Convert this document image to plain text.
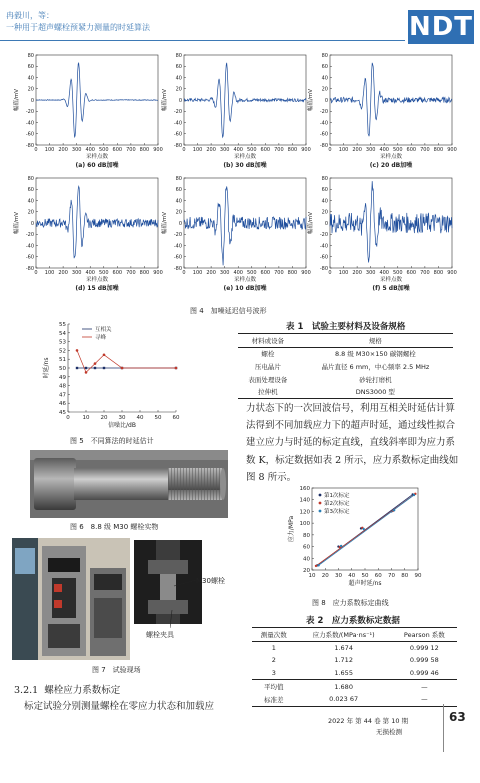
冉毅川，等：
一种用于超声螺栓预紧力测量的时延算法	NDT
80
60
40
20
0
-20
-40
-60
-80
0 100 200 300 400 500 600 700 800 900
采样点数
幅值/mV
(a) 60 dB加噪
80
60
40
20
0
-20
-40
-60
-80
0 100 200 300 400 500 600 700 800 900
采样点数
幅值/mV
(b) 30 dB加噪
80
60
40
20
0
-20
-40
-60
-80
0 100 200 300 400 500 600 700 800 900
采样点数
幅值/mV
(c) 20 dB加噪
80
60
40
20
0
-20
-40
-60
-80
0 100 200 300 400 500 600 700 800 900
采样点数
幅值/mV
(d) 15 dB加噪
80
60
40
20
0
-20
-40
-60
-80
0 100 200 300 400 500 600 700 800 900
采样点数
幅值/mV
(e) 10 dB加噪
80
60
40
20
0
-20
-40
-60
-80
0 100 200 300 400 500 600 700 800 900
采样点数
幅值/mV
(f) 5 dB加噪
图 4　加噪延迟信号波形
55
54
53
52
51
50
49
48
47
46
45
0 10 20 30 40 50 60
信噪比/dB
时延/ns
互相关
寻峰
图 5　不同算法的时延估计
图 6　8.8 级 M30 螺栓实物
M30螺栓
螺栓夹具
图 7　试验现场
3.2.1 螺栓应力系数标定
标定试验分别测量螺栓在零应力状态和加载应
表 1　试验主要材料及设备规格
材料或设备	规格
螺栓	8.8 级 M30×150 碳钢螺栓
压电晶片	晶片直径 6 mm，中心频率 2.5 MHz
表面处理设备	砂轮打磨机
拉伸机	DNS3000 型
力状态下的一次回波信号，利用互相关时延估计算
法得到不同加载应力下的超声时延，通过线性拟合
建立应力与时延的标定直线，直线斜率即为应力系
数 K，标定数据如表 2 所示，应力系数标定曲线如
图 8 所示。
20
40
60
80
100
120
140
160
10 20 30 40 50 60 70 80 90
超声时延/ns
应力/MPa
第1次标定
第2次标定
第3次标定
图 8　应力系数标定曲线
表 2　应力系数标定数据
测量次数	应力系数/(MPa·ns⁻¹)	Pearson 系数
1	1.674	0.999 12
2	1.712	0.999 58
3	1.655	0.999 46
平均值	1.680	—
标准差	0.023 67	—
2022 年 第 44 卷 第 10 期
无损检测
63
